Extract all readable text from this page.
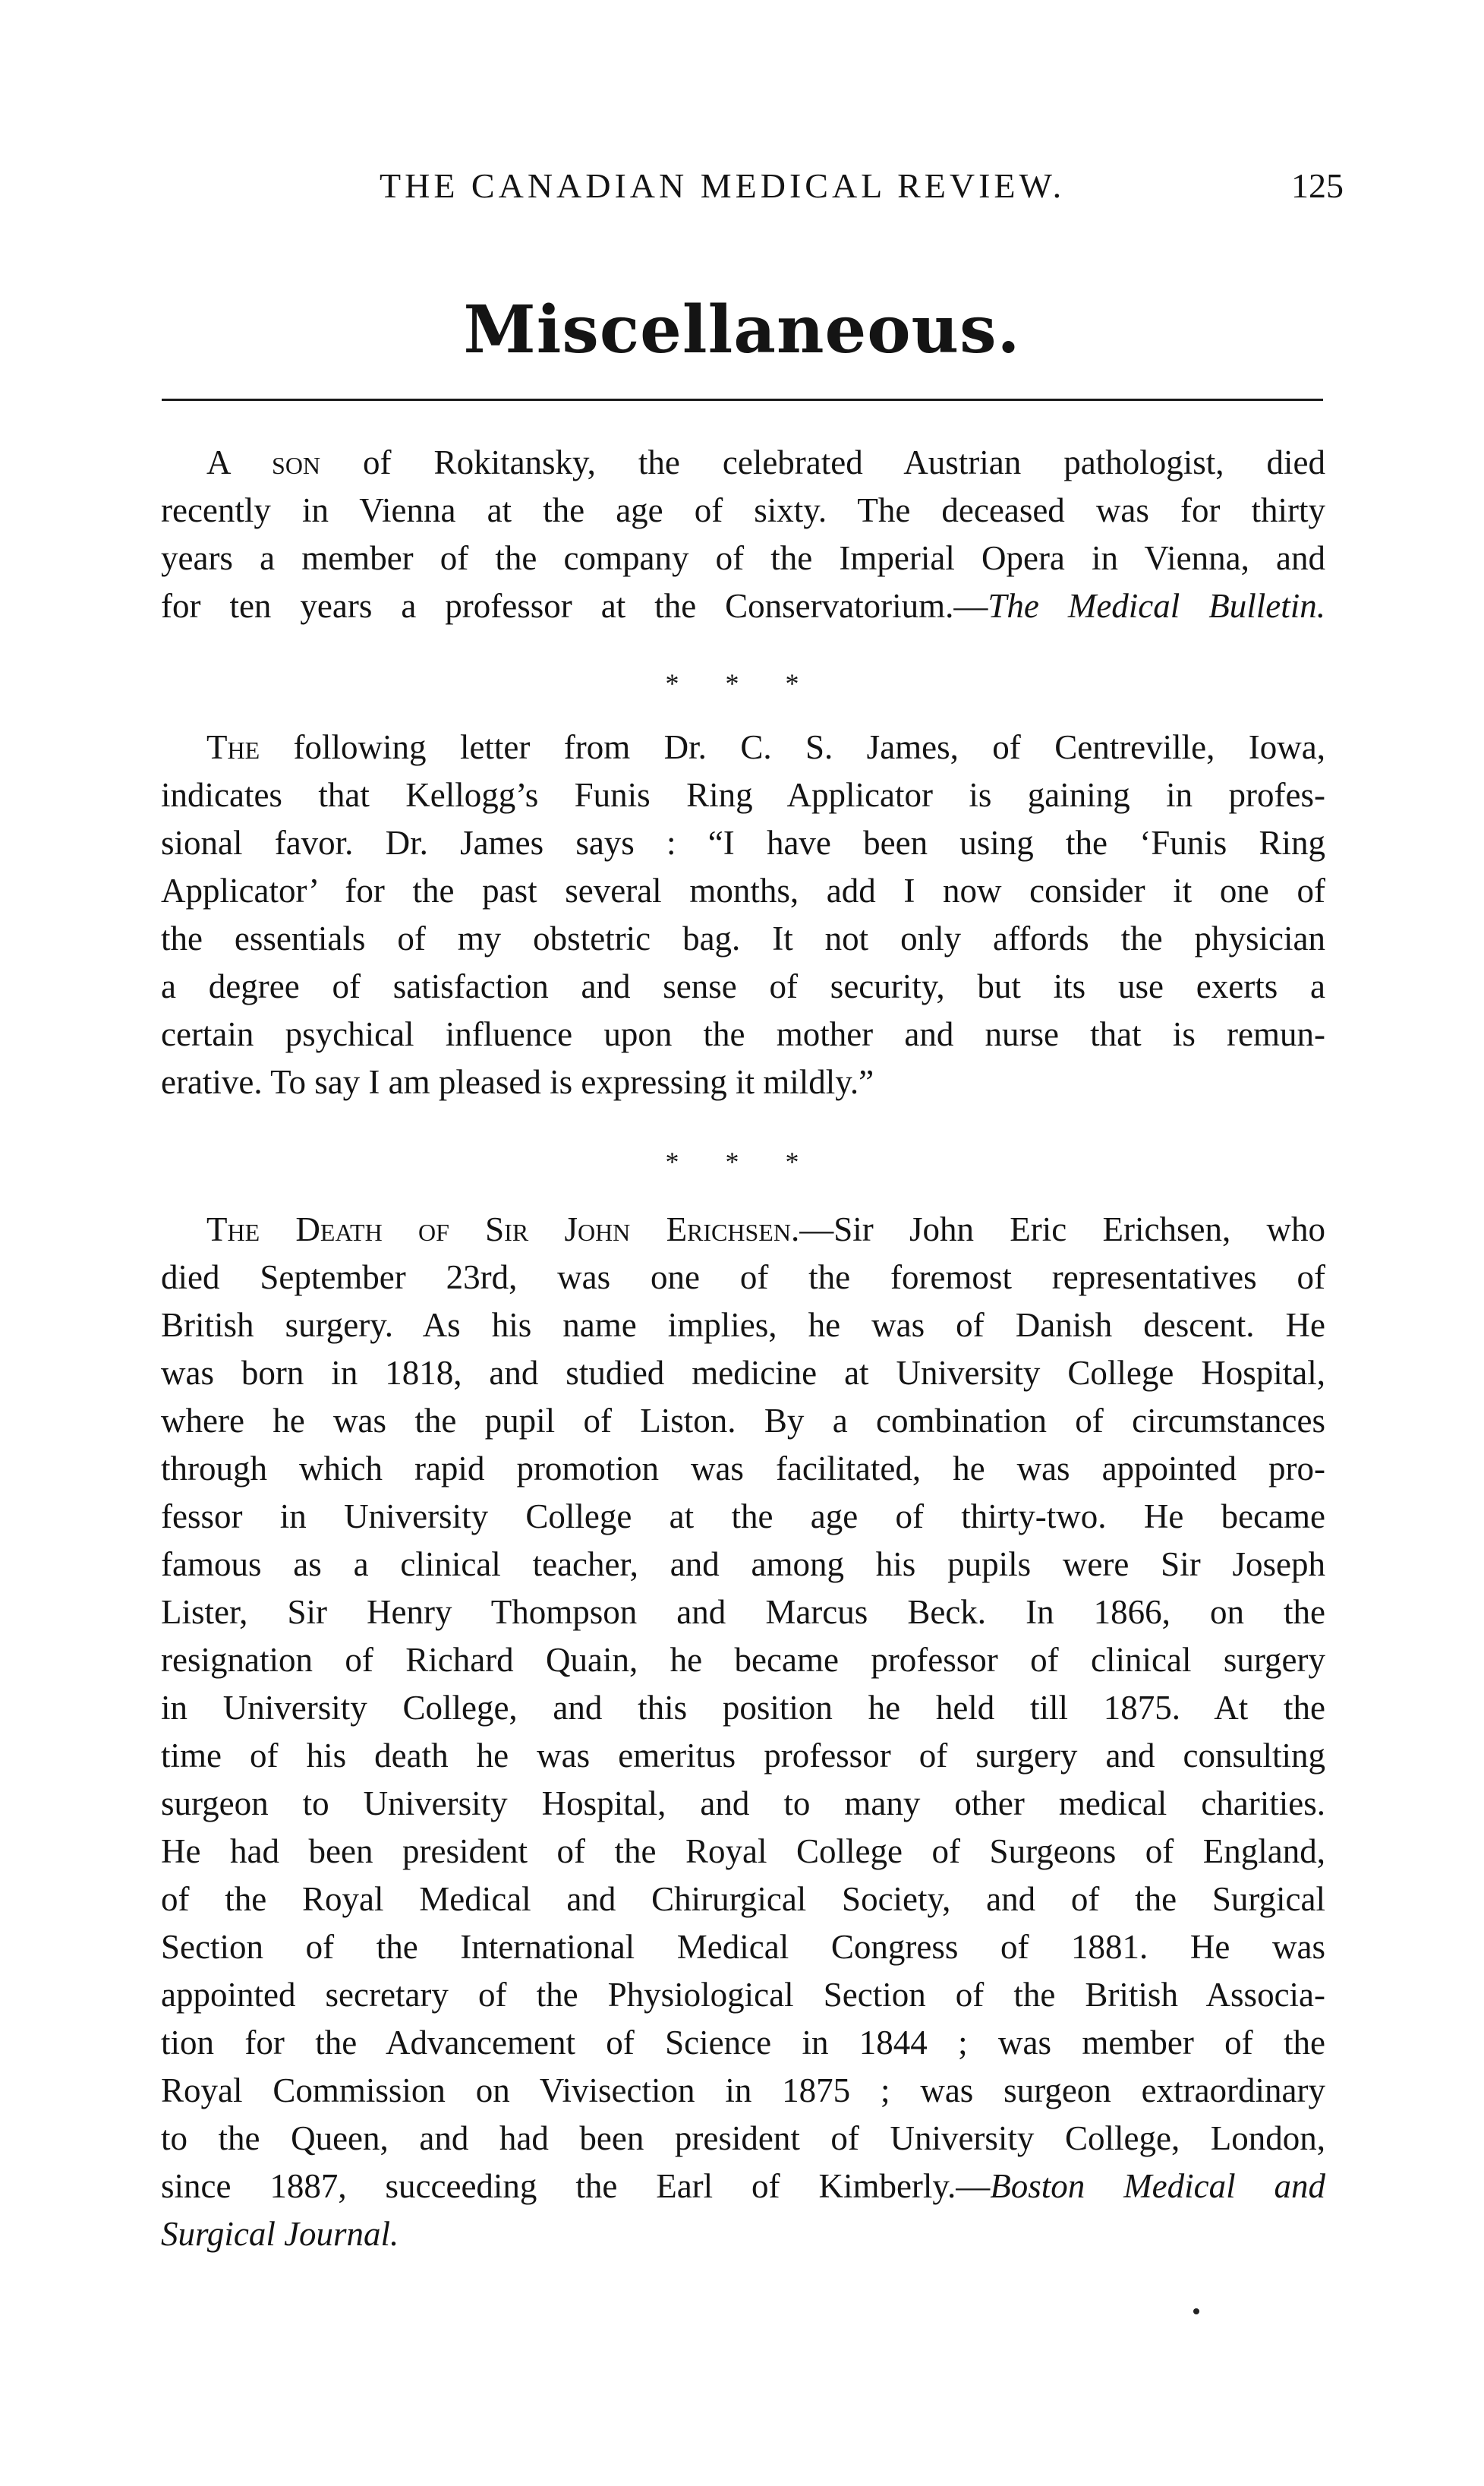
THE CANADIAN MEDICAL REVIEW.	125
Miscellaneous.
A son of Rokitansky, the celebrated Austrian pathologist, died
recently in Vienna at the age of sixty. The deceased was for thirty
years a member of the company of the Imperial Opera in Vienna, and
for ten years a professor at the Conservatorium.—The Medical Bulletin.
* * *
The following letter from Dr. C. S. James, of Centreville, Iowa,
indicates that Kellogg’s Funis Ring Applicator is gaining in profes-
sional favor. Dr. James says : “I have been using the ‘Funis Ring
Applicator’ for the past several months, add I now consider it one of
the essentials of my obstetric bag. It not only affords the physician
a degree of satisfaction and sense of security, but its use exerts a
certain psychical influence upon the mother and nurse that is remun-
erative. To say I am pleased is expressing it mildly.”
* * *
The Death of Sir John Erichsen.—Sir John Eric Erichsen, who
died September 23rd, was one of the foremost representatives of
British surgery. As his name implies, he was of Danish descent. He
was born in 1818, and studied medicine at University College Hospital,
where he was the pupil of Liston. By a combination of circumstances
through which rapid promotion was facilitated, he was appointed pro-
fessor in University College at the age of thirty-two. He became
famous as a clinical teacher, and among his pupils were Sir Joseph
Lister, Sir Henry Thompson and Marcus Beck. In 1866, on the
resignation of Richard Quain, he became professor of clinical surgery
in University College, and this position he held till 1875. At the
time of his death he was emeritus professor of surgery and consulting
surgeon to University Hospital, and to many other medical charities.
He had been president of the Royal College of Surgeons of England,
of the Royal Medical and Chirurgical Society, and of the Surgical
Section of the International Medical Congress of 1881. He was
appointed secretary of the Physiological Section of the British Associa-
tion for the Advancement of Science in 1844 ; was member of the
Royal Commission on Vivisection in 1875 ; was surgeon extraordinary
to the Queen, and had been president of University College, London,
since 1887, succeeding the Earl of Kimberly.—Boston Medical and
Surgical Journal.
